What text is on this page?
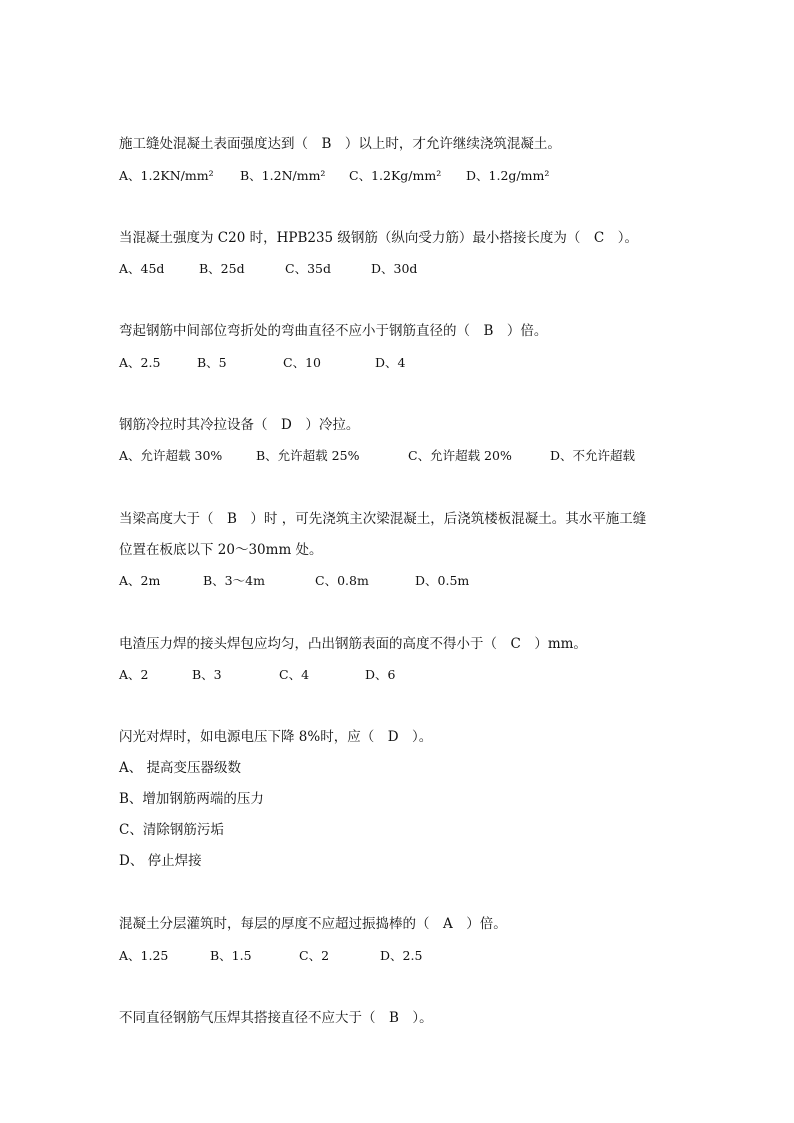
施工缝处混凝土表面强度达到（　B　）以上时，才允许继续浇筑混凝土。

A、1.2KN/mm²

B、1.2N/mm²

C、1.2Kg/mm²

D、1.2g/mm²

当混凝土强度为 C20 时，HPB235 级钢筋（纵向受力筋）最小搭接长度为（　C　）。

A、45d

	B、25d

	C、35d

	D、30d

弯起钢筋中间部位弯折处的弯曲直径不应小于钢筋直径的（　B　）倍。

A、2.5

	B、5

	C、10

	D、4

钢筋冷拉时其冷拉设备（　D　）冷拉。

A、允许超载 30%

	B、允许超载 25%

	C、允许超载 20%

	D、不允许超载

当梁高度大于（　B　）时 ，可先浇筑主次梁混凝土，后浇筑楼板混凝土。其水平施工缝
位置在板底以下 20～30mm 处。

A、2m

	B、3～4m

	C、0.8m

	D、0.5m

电渣压力焊的接头焊包应均匀，凸出钢筋表面的高度不得小于（　C　）mm。

A、2

	B、3

	C、4

	D、6

闪光对焊时，如电源电压下降 8%时，应（　D　）。
A、 提高变压器级数
B、增加钢筋两端的压力
C、清除钢筋污垢
D、 停止焊接
混凝土分层灌筑时，每层的厚度不应超过振捣棒的（　A　）倍。

A、1.25

	B、1.5

	C、2

	D、2.5

不同直径钢筋气压焊其搭接直径不应大于（　B　）。
